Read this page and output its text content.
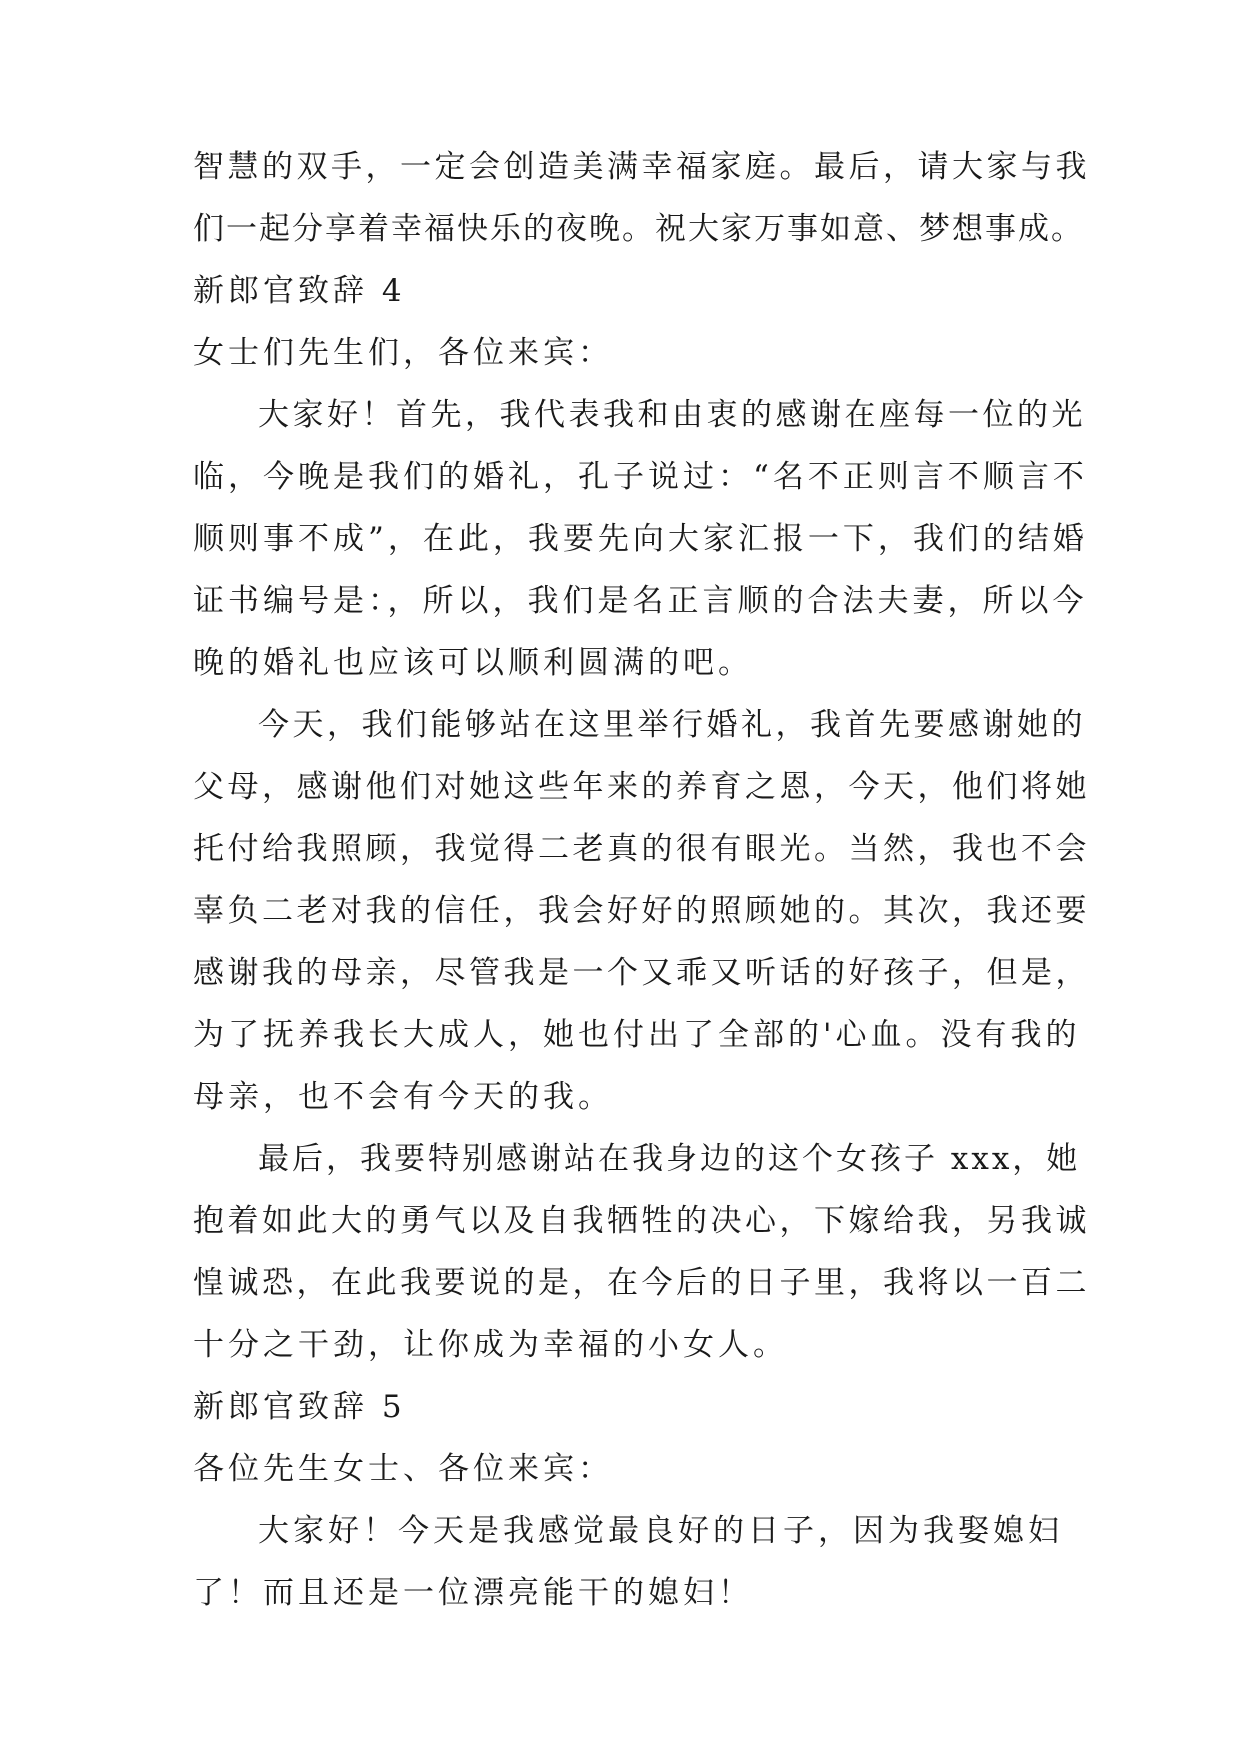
智慧的双手，一定会创造美满幸福家庭。最后，请大家与我
们一起分享着幸福快乐的夜晚。祝大家万事如意、梦想事成。
新郎官致辞 4
女士们先生们，各位来宾：
大家好！首先，我代表我和由衷的感谢在座每一位的光
临，今晚是我们的婚礼，孔子说过：“名不正则言不顺言不
顺则事不成”，在此，我要先向大家汇报一下，我们的结婚
证书编号是：，所以，我们是名正言顺的合法夫妻，所以今
晚的婚礼也应该可以顺利圆满的吧。
今天，我们能够站在这里举行婚礼，我首先要感谢她的
父母，感谢他们对她这些年来的养育之恩，今天，他们将她
托付给我照顾，我觉得二老真的很有眼光。当然，我也不会
辜负二老对我的信任，我会好好的照顾她的。其次，我还要
感谢我的母亲，尽管我是一个又乖又听话的好孩子，但是，
为了抚养我长大成人，她也付出了全部的'心血。没有我的
母亲，也不会有今天的我。
最后，我要特别感谢站在我身边的这个女孩子 xxx，她
抱着如此大的勇气以及自我牺牲的决心，下嫁给我，另我诚
惶诚恐，在此我要说的是，在今后的日子里，我将以一百二
十分之干劲，让你成为幸福的小女人。
新郎官致辞 5
各位先生女士、各位来宾：
大家好！今天是我感觉最良好的日子，因为我娶媳妇
了！而且还是一位漂亮能干的媳妇！
